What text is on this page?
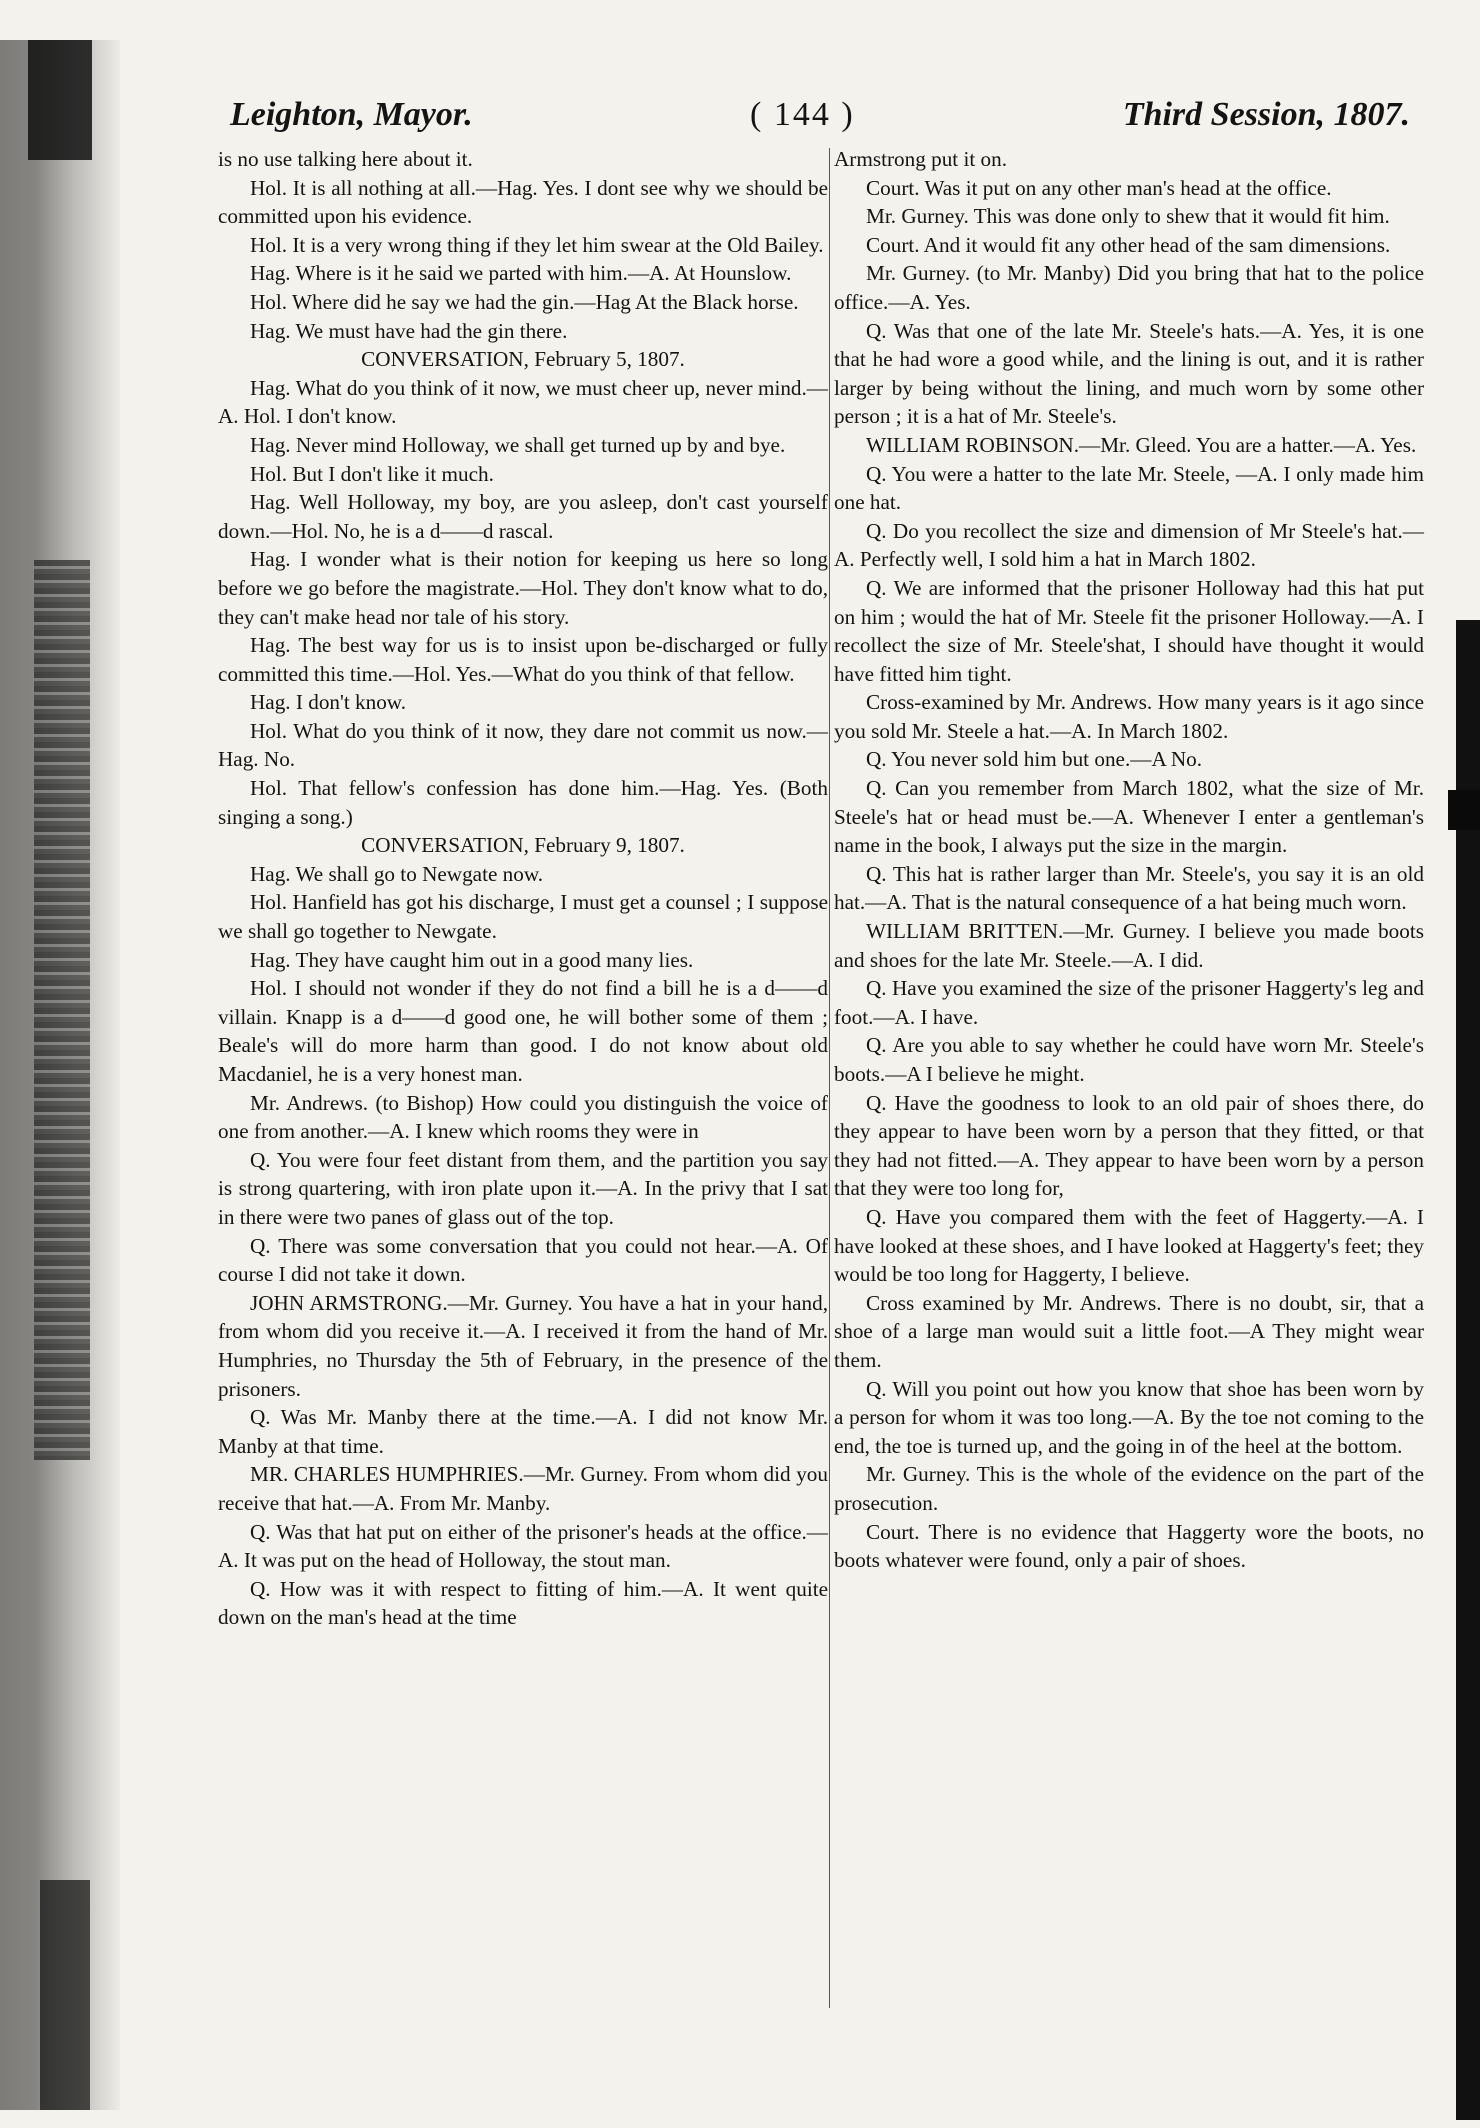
Leighton, Mayor.	( 144 )	Third Session, 1807.

is no use talking here about it.

Hol. It is all nothing at all.—Hag. Yes. I dont see why we should be committed upon his evidence.

Hol. It is a very wrong thing if they let him swear at the Old Bailey.

Hag. Where is it he said we parted with him.—A. At Hounslow.

Hol. Where did he say we had the gin.—Hag At the Black horse.

Hag. We must have had the gin there.

CONVERSATION, February 5, 1807.

Hag. What do you think of it now, we must cheer up, never mind.—A. Hol. I don't know.

Hag. Never mind Holloway, we shall get turned up by and bye.

Hol. But I don't like it much.

Hag. Well Holloway, my boy, are you asleep, don't cast yourself down.—Hol. No, he is a d——d rascal.

Hag. I wonder what is their notion for keeping us here so long before we go before the magistrate.—Hol. They don't know what to do, they can't make head nor tale of his story.

Hag. The best way for us is to insist upon be-discharged or fully committed this time.—Hol. Yes.—What do you think of that fellow.

Hag. I don't know.

Hol. What do you think of it now, they dare not commit us now.—Hag. No.

Hol. That fellow's confession has done him.—Hag. Yes. (Both singing a song.)

CONVERSATION, February 9, 1807.

Hag. We shall go to Newgate now.

Hol. Hanfield has got his discharge, I must get a counsel ; I suppose we shall go together to Newgate.

Hag. They have caught him out in a good many lies.

Hol. I should not wonder if they do not find a bill he is a d——d villain. Knapp is a d——d good one, he will bother some of them ; Beale's will do more harm than good. I do not know about old Macdaniel, he is a very honest man.

Mr. Andrews. (to Bishop) How could you distinguish the voice of one from another.—A. I knew which rooms they were in

Q. You were four feet distant from them, and the partition you say is strong quartering, with iron plate upon it.—A. In the privy that I sat in there were two panes of glass out of the top.

Q. There was some conversation that you could not hear.—A. Of course I did not take it down.

JOHN ARMSTRONG.—Mr. Gurney. You have a hat in your hand, from whom did you receive it.—A. I received it from the hand of Mr. Humphries, no Thursday the 5th of February, in the presence of the prisoners.

Q. Was Mr. Manby there at the time.—A. I did not know Mr. Manby at that time.

MR. CHARLES HUMPHRIES.—Mr. Gurney. From whom did you receive that hat.—A. From Mr. Manby.

Q. Was that hat put on either of the prisoner's heads at the office.—A. It was put on the head of Holloway, the stout man.

Q. How was it with respect to fitting of him.—A. It went quite down on the man's head at the time

Armstrong put it on.

Court. Was it put on any other man's head at the office.

Mr. Gurney. This was done only to shew that it would fit him.

Court. And it would fit any other head of the sam dimensions.

Mr. Gurney. (to Mr. Manby) Did you bring that hat to the police office.—A. Yes.

Q. Was that one of the late Mr. Steele's hats.—A. Yes, it is one that he had wore a good while, and the lining is out, and it is rather larger by being without the lining, and much worn by some other person ; it is a hat of Mr. Steele's.

WILLIAM ROBINSON.—Mr. Gleed. You are a hatter.—A. Yes.

Q. You were a hatter to the late Mr. Steele, —A. I only made him one hat.

Q. Do you recollect the size and dimension of Mr Steele's hat.—A. Perfectly well, I sold him a hat in March 1802.

Q. We are informed that the prisoner Holloway had this hat put on him ; would the hat of Mr. Steele fit the prisoner Holloway.—A. I recollect the size of Mr. Steele'shat, I should have thought it would have fitted him tight.

Cross-examined by Mr. Andrews. How many years is it ago since you sold Mr. Steele a hat.—A. In March 1802.

Q. You never sold him but one.—A No.

Q. Can you remember from March 1802, what the size of Mr. Steele's hat or head must be.—A. Whenever I enter a gentleman's name in the book, I always put the size in the margin.

Q. This hat is rather larger than Mr. Steele's, you say it is an old hat.—A. That is the natural consequence of a hat being much worn.

WILLIAM BRITTEN.—Mr. Gurney. I believe you made boots and shoes for the late Mr. Steele.—A. I did.

Q. Have you examined the size of the prisoner Haggerty's leg and foot.—A. I have.

Q. Are you able to say whether he could have worn Mr. Steele's boots.—A I believe he might.

Q. Have the goodness to look to an old pair of shoes there, do they appear to have been worn by a person that they fitted, or that they had not fitted.—A. They appear to have been worn by a person that they were too long for,

Q. Have you compared them with the feet of Haggerty.—A. I have looked at these shoes, and I have looked at Haggerty's feet; they would be too long for Haggerty, I believe.

Cross examined by Mr. Andrews. There is no doubt, sir, that a shoe of a large man would suit a little foot.—A They might wear them.

Q. Will you point out how you know that shoe has been worn by a person for whom it was too long.—A. By the toe not coming to the end, the toe is turned up, and the going in of the heel at the bottom.

Mr. Gurney. This is the whole of the evidence on the part of the prosecution.

Court. There is no evidence that Haggerty wore the boots, no boots whatever were found, only a pair of shoes.
